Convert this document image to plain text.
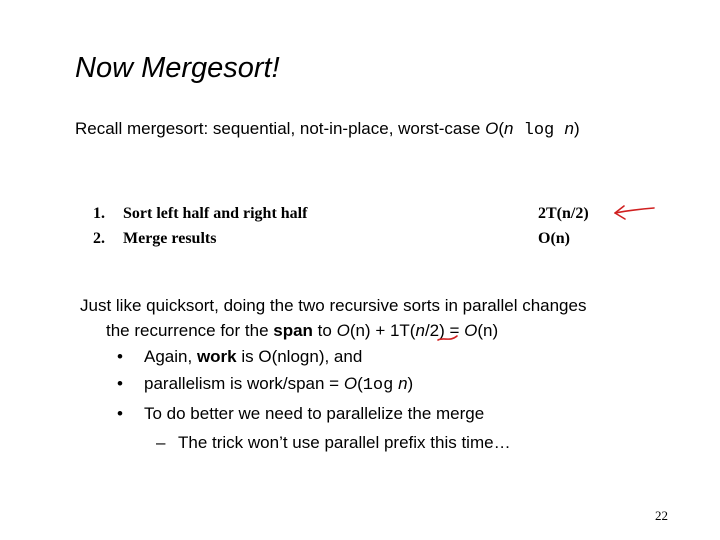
Now Mergesort!
Recall mergesort: sequential, not-in-place, worst-case O(n log n)
1. Sort left half and right half	2T(n/2)
2. Merge results	O(n)
Just like quicksort, doing the two recursive sorts in parallel changes
the recurrence for the span to O(n) + 1T(n/2) = O(n)
• Again, work is O(nlogn), and
• parallelism is work/span = O(1og n)
• To do better we need to parallelize the merge
– The trick won’t use parallel prefix this time…
22
